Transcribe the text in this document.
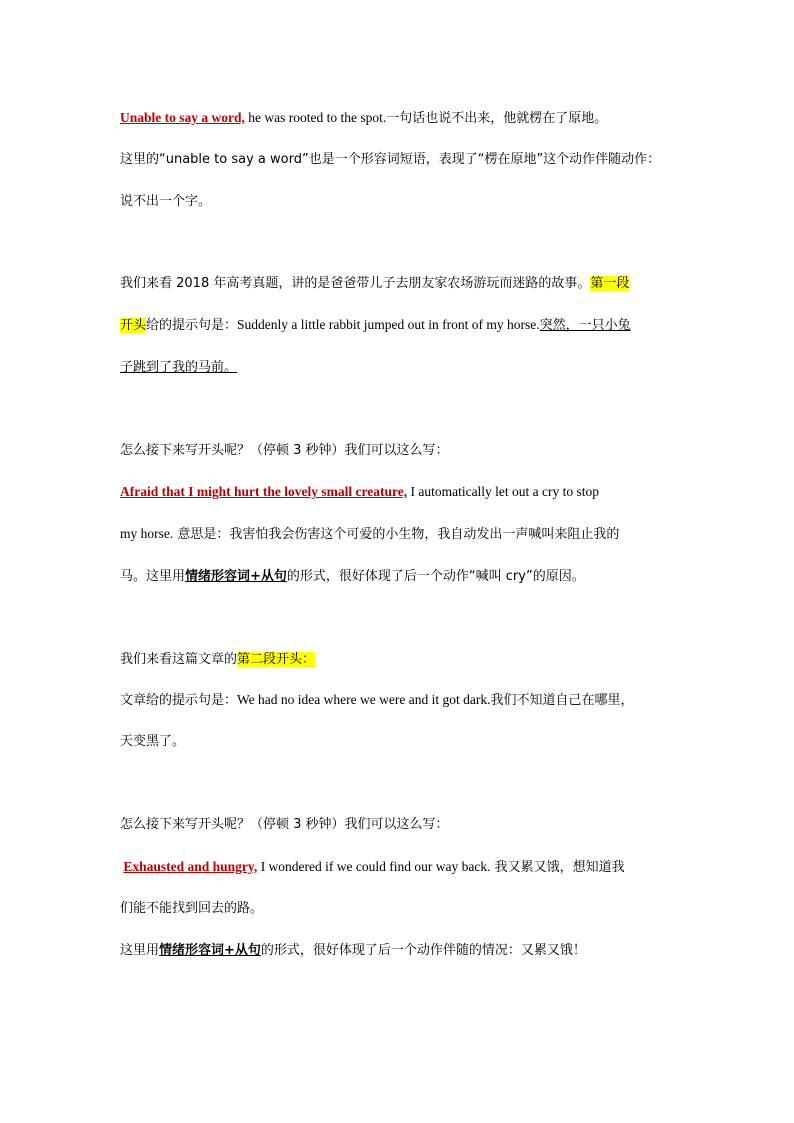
Unable to say a word, he was rooted to the spot.一句话也说不出来，他就楞在了原地。
这里的“unable to say a word”也是一个形容词短语，表现了“楞在原地”这个动作伴随动作：
说不出一个字。
我们来看 2018 年高考真题，讲的是爸爸带儿子去朋友家农场游玩而迷路的故事。第一段
开头给的提示句是：Suddenly a little rabbit jumped out in front of my horse.突然，一只小兔
子跳到了我的马前。
怎么接下来写开头呢？（停顿 3 秒钟）我们可以这么写：
Afraid that I might hurt the lovely small creature, I automatically let out a cry to stop
my horse. 意思是：我害怕我会伤害这个可爱的小生物，我自动发出一声喊叫来阻止我的
马。这里用情绪形容词+从句的形式，很好体现了后一个动作“喊叫 cry”的原因。
我们来看这篇文章的第二段开头：
文章给的提示句是：We had no idea where we were and it got dark.我们不知道自己在哪里，
天变黑了。
怎么接下来写开头呢？（停顿 3 秒钟）我们可以这么写：
Exhausted and hungry, I wondered if we could find our way back. 我又累又饿，想知道我
们能不能找到回去的路。
这里用情绪形容词+从句的形式，很好体现了后一个动作伴随的情况：又累又饿！
